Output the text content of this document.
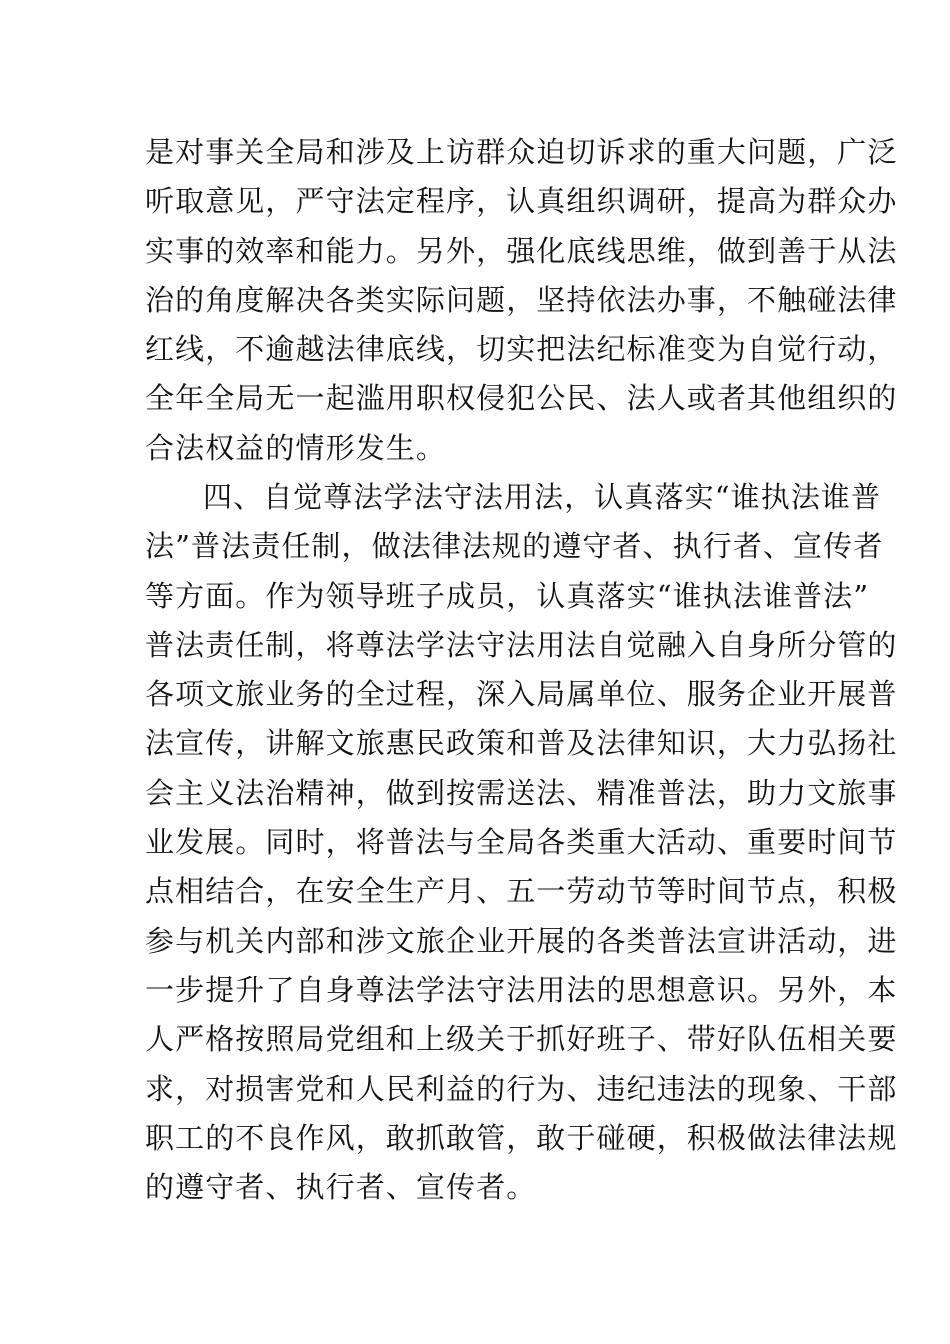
是对事关全局和涉及上访群众迫切诉求的重大问题，广泛
听取意见，严守法定程序，认真组织调研，提高为群众办
实事的效率和能力。另外，强化底线思维，做到善于从法
治的角度解决各类实际问题，坚持依法办事，不触碰法律
红线，不逾越法律底线，切实把法纪标准变为自觉行动，
全年全局无一起滥用职权侵犯公民、法人或者其他组织的
合法权益的情形发生。
四、自觉尊法学法守法用法，认真落实“谁执法谁普
法”普法责任制，做法律法规的遵守者、执行者、宣传者
等方面。作为领导班子成员，认真落实“谁执法谁普法”
普法责任制，将尊法学法守法用法自觉融入自身所分管的
各项文旅业务的全过程，深入局属单位、服务企业开展普
法宣传，讲解文旅惠民政策和普及法律知识，大力弘扬社
会主义法治精神，做到按需送法、精准普法，助力文旅事
业发展。同时，将普法与全局各类重大活动、重要时间节
点相结合，在安全生产月、五一劳动节等时间节点，积极
参与机关内部和涉文旅企业开展的各类普法宣讲活动，进
一步提升了自身尊法学法守法用法的思想意识。另外，本
人严格按照局党组和上级关于抓好班子、带好队伍相关要
求，对损害党和人民利益的行为、违纪违法的现象、干部
职工的不良作风，敢抓敢管，敢于碰硬，积极做法律法规
的遵守者、执行者、宣传者。
